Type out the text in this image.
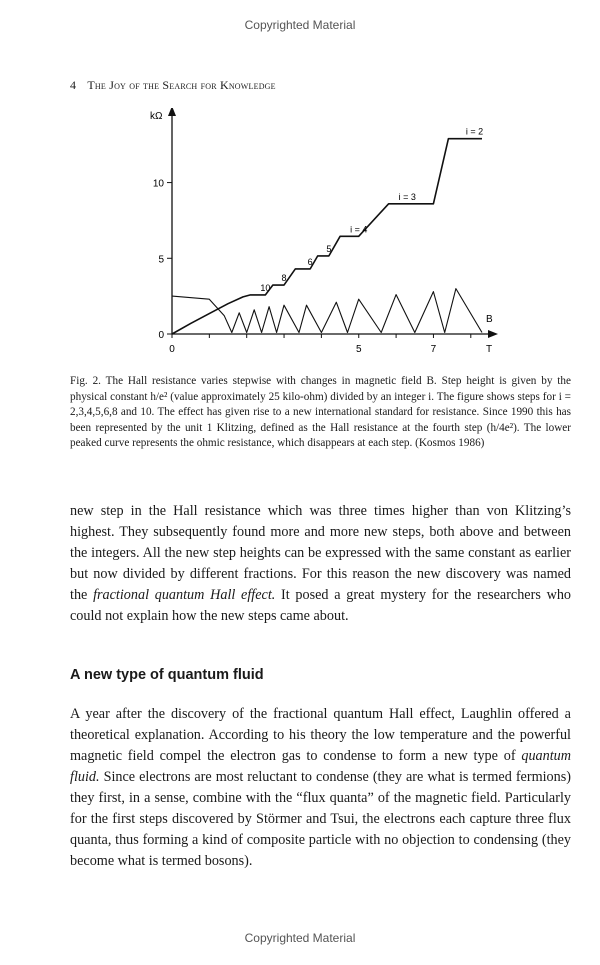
Copyrighted Material
4 The Joy of the Search for Knowledge
0
5
10
0	5	7
kΩ
B
T
10
8
6
5
i = 4
i = 3
i = 2
Fig. 2. The Hall resistance varies stepwise with changes in magnetic field B. Step height is given by the physical constant h/e² (value approximately 25 kilo-ohm) divided by an integer i. The figure shows steps for i = 2,3,4,5,6,8 and 10. The effect has given rise to a new international standard for resistance. Since 1990 this has been represented by the unit 1 Klitzing, defined as the Hall resistance at the fourth step (h/4e²). The lower peaked curve represents the ohmic resistance, which disappears at each step. (Kosmos 1986)

new step in the Hall resistance which was three times higher than von Klitzing’s highest. They subsequently found more and more new steps, both above and between the integers. All the new step heights can be expressed with the same constant as earlier but now divided by different fractions. For this reason the new discovery was named the fractional quantum Hall effect. It posed a great mystery for the researchers who could not explain how the new steps came about.

A new type of quantum fluid

A year after the discovery of the fractional quantum Hall effect, Laughlin offered a theoretical explanation. According to his theory the low temperature and the powerful magnetic field compel the electron gas to condense to form a new type of quantum fluid. Since electrons are most reluctant to condense (they are what is termed fermions) they first, in a sense, combine with the “flux quanta” of the magnetic field. Particularly for the first steps discovered by Störmer and Tsui, the electrons each capture three flux quanta, thus forming a kind of composite particle with no objection to condensing (they become what is termed bosons).

Copyrighted Material
